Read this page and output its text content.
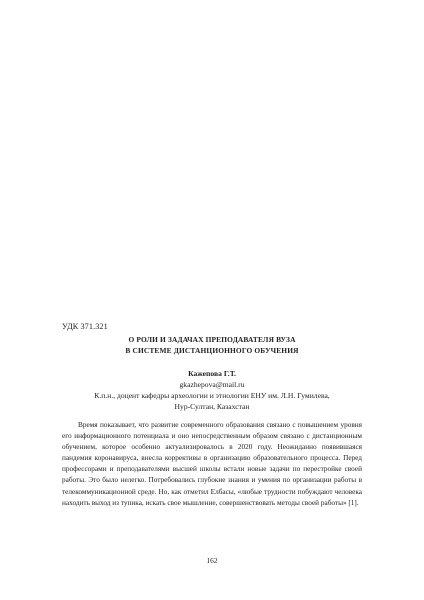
УДК 371.321
О РОЛИ И ЗАДАЧАХ ПРЕПОДАВАТЕЛЯ ВУЗА
В СИСТЕМЕ ДИСТАНЦИОННОГО ОБУЧЕНИЯ
Кажепова Г.Т.
gkazhepova@mail.ru
К.п.н., доцент кафедры археологии и этнологии ЕНУ им. Л.Н. Гумилева,
Нур-Султан, Казахстан
Время показывает, что развитие современного образования связано с повышением уровня его информационного потенциала и оно непосредственным образом связано с дистанционным обучением, которое особенно актуализировалось в 2020 году. Неожиданно появившаяся пандемия коронавируса, внесла коррективы в организацию образовательного процесса. Перед профессорами и преподавателями высшей школы встали новые задачи по перестройке своей работы. Это было нелегко. Потребовались глубокие знания и умения по организации работы в телекоммуникационной среде. Но, как отметил Елбасы, «любые трудности побуждают человека находить выход из тупика, искать свое мышление, совершенствовать методы своей работы» [1].
162
